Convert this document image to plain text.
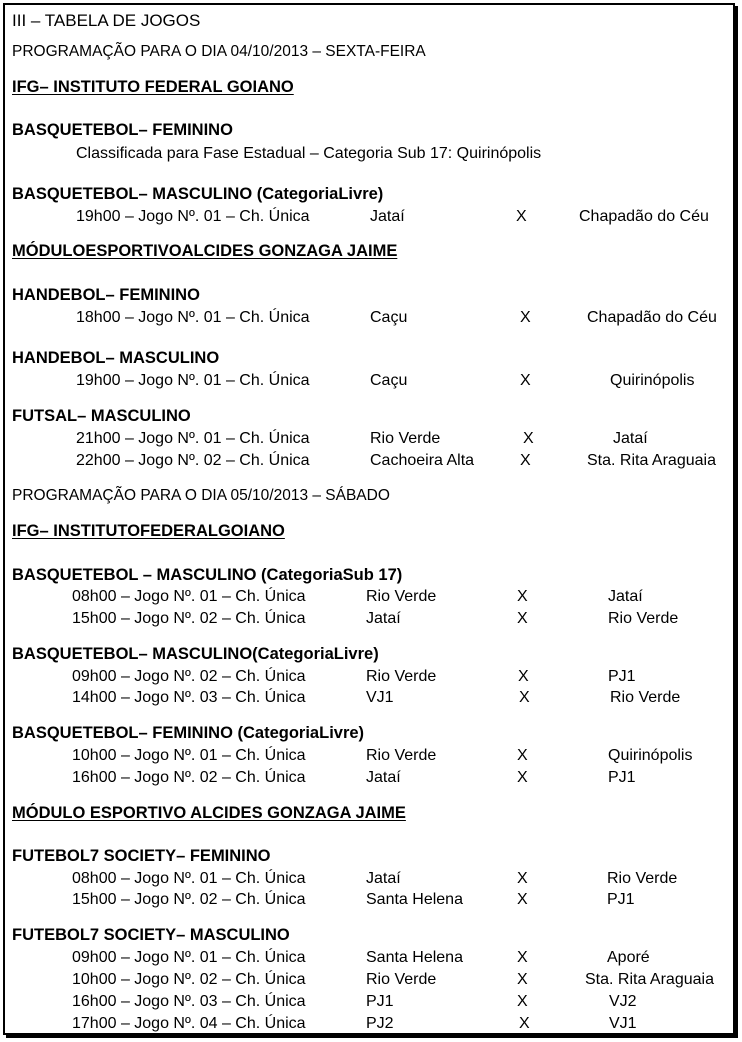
III – TABELA DE JOGOS
PROGRAMAÇÃO PARA O DIA 04/10/2013 – SEXTA-FEIRA
IFG– INSTITUTO FEDERAL GOIANO
BASQUETEBOL– FEMININO
Classificada para Fase Estadual – Categoria Sub 17: Quirinópolis
BASQUETEBOL– MASCULINO (CategoriaLivre)
19h00 – Jogo Nº. 01 – Ch. Única	Jataí	X	Chapadão do Céu
MÓDULOESPORTIVOALCIDES GONZAGA JAIME
HANDEBOL– FEMININO
18h00 – Jogo Nº. 01 – Ch. Única	Caçu	X	Chapadão do Céu
HANDEBOL– MASCULINO
19h00 – Jogo Nº. 01 – Ch. Única	Caçu	X	Quirinópolis
FUTSAL– MASCULINO
21h00 – Jogo Nº. 01 – Ch. Única	Rio Verde	X	Jataí
22h00 – Jogo Nº. 02 – Ch. Única	Cachoeira Alta	X	Sta. Rita Araguaia
PROGRAMAÇÃO PARA O DIA 05/10/2013 – SÁBADO
IFG– INSTITUTOFEDERALGOIANO
BASQUETEBOL – MASCULINO (CategoriaSub 17)
08h00 – Jogo Nº. 01 – Ch. Única	Rio Verde	X	Jataí
15h00 – Jogo Nº. 02 – Ch. Única	Jataí	X	Rio Verde
BASQUETEBOL– MASCULINO(CategoriaLivre)
09h00 – Jogo Nº. 02 – Ch. Única	Rio Verde	X	PJ1
14h00 – Jogo Nº. 03 – Ch. Única	VJ1	X	Rio Verde
BASQUETEBOL– FEMININO (CategoriaLivre)
10h00 – Jogo Nº. 01 – Ch. Única	Rio Verde	X	Quirinópolis
16h00 – Jogo Nº. 02 – Ch. Única	Jataí	X	PJ1
MÓDULO ESPORTIVO ALCIDES GONZAGA JAIME
FUTEBOL7 SOCIETY– FEMININO
08h00 – Jogo Nº. 01 – Ch. Única	Jataí	X	Rio Verde
15h00 – Jogo Nº. 02 – Ch. Única	Santa Helena	X	PJ1
FUTEBOL7 SOCIETY– MASCULINO
09h00 – Jogo Nº. 01 – Ch. Única	Santa Helena	X	Aporé
10h00 – Jogo Nº. 02 – Ch. Única	Rio Verde	X	Sta. Rita Araguaia
16h00 – Jogo Nº. 03 – Ch. Única	PJ1	X	VJ2
17h00 – Jogo Nº. 04 – Ch. Única	PJ2	X	VJ1
